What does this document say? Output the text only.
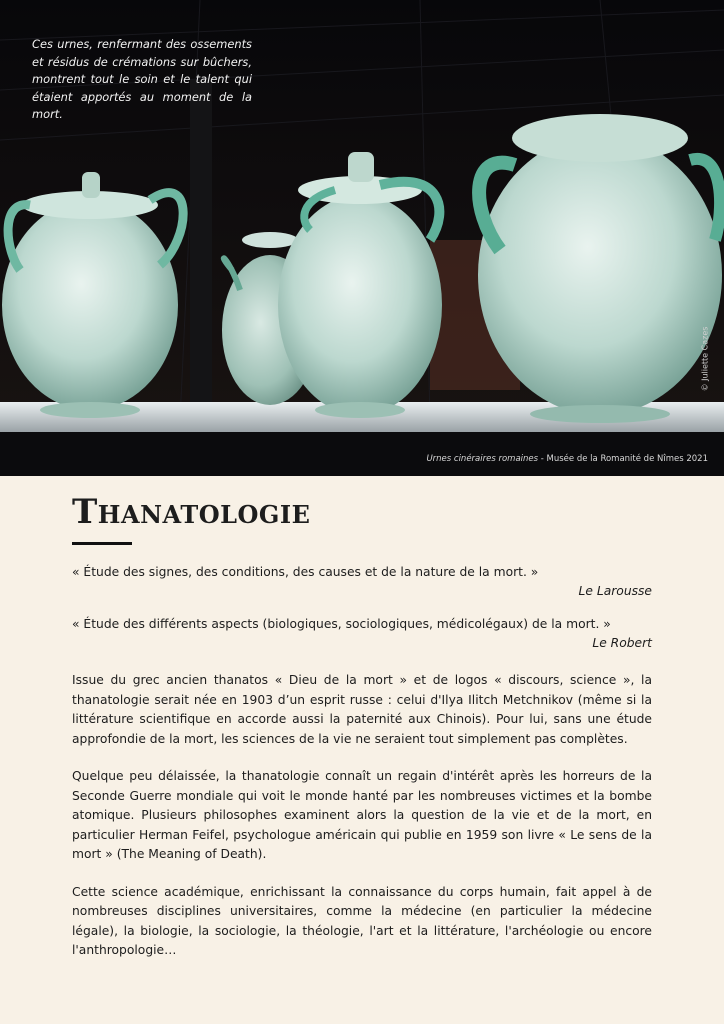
Ces urnes, renfermant des ossements et résidus de crémations sur bûchers, montrent tout le soin et le talent qui étaient apportés au moment de la mort.
© Juliette Cazes
Urnes cinéraires romaines - Musée de la Romanité de Nîmes 2021
Thanatologie
« Étude des signes, des conditions, des causes et de la nature de la mort. »
Le Larousse
« Étude des différents aspects (biologiques, sociologiques, médicolégaux) de la mort. »
Le Robert

Issue du grec ancien thanatos « Dieu de la mort » et de logos « discours, science », la thanatologie serait née en 1903 d’un esprit russe : celui d'Ilya Ilitch Metchnikov (même si la littérature scientifique en accorde aussi la paternité aux Chinois). Pour lui, sans une étude approfondie de la mort, les sciences de la vie ne seraient tout simplement pas complètes.

Quelque peu délaissée, la thanatologie connaît un regain d'intérêt après les horreurs de la Seconde Guerre mondiale qui voit le monde hanté par les nombreuses victimes et la bombe atomique. Plusieurs philosophes examinent alors la question de la vie et de la mort, en particulier Herman Feifel, psychologue américain qui publie en 1959 son livre « Le sens de la mort » (The Meaning of Death).

Cette science académique, enrichissant la connaissance du corps humain, fait appel à de nombreuses disciplines universitaires, comme la médecine (en particulier la médecine légale), la biologie, la sociologie, la théologie, l'art et la littérature, l'archéologie ou encore l'anthropologie…
